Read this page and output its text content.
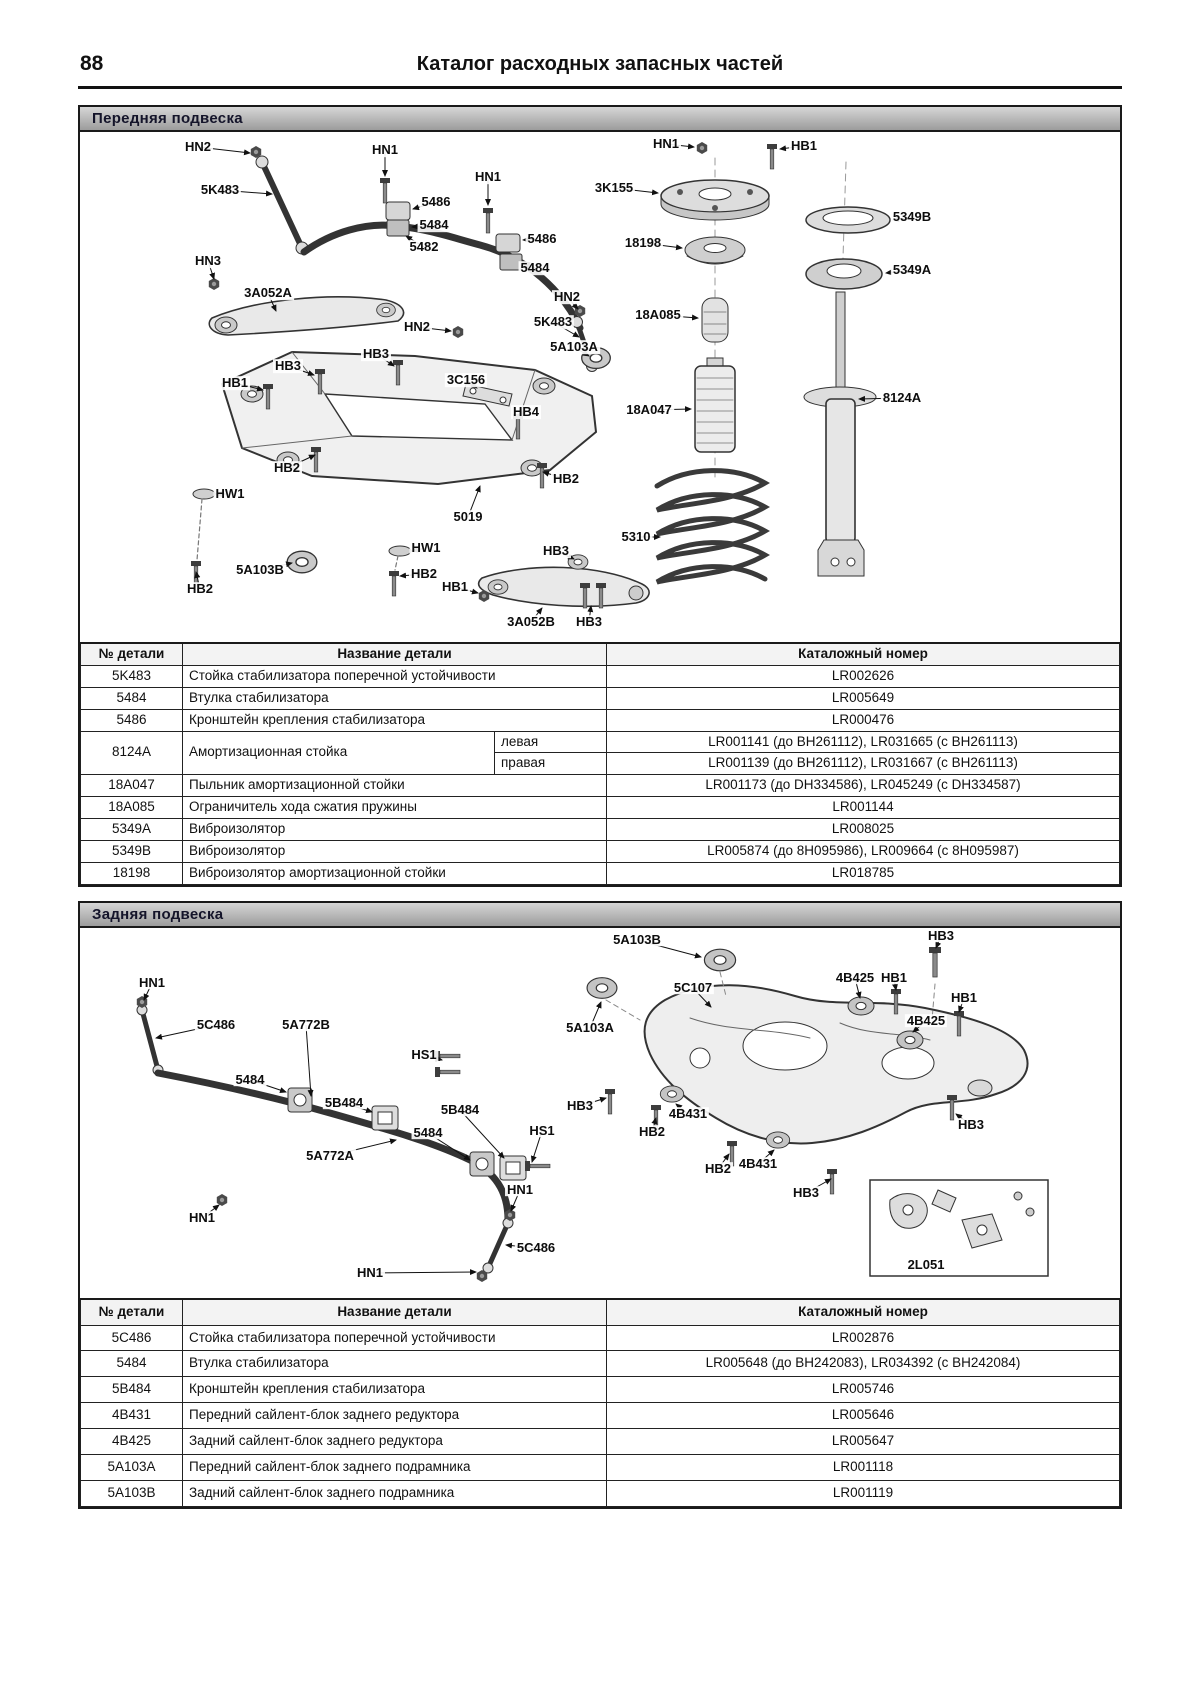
88	Каталог расходных запасных частей
Передняя подвеска
HN2	HN1
HN1
HN1	HB1
3K155
5349B
5K483
5486
5484
5482
5486	18198
5349A
HN3
3A052A
5484
HN2
18A085
HN2	5K483
5A103A
HB3
HB3
3C156
HB1
HB4	18A047
8124A
HB2
HB2
HW1
5019
5310
HW1
5A103B	HB2
HB2	HB1
3A052B
HB3
HB3
№ детали	Название детали		Каталожный номер
5K483	Стойка стабилизатора поперечной устойчивости		LR002626
5484	Втулка стабилизатора		LR005649
5486	Кронштейн крепления стабилизатора		LR000476
8124A	Амортизационная стойка	левая	LR001141 (до BH261112), LR031665 (с BH261113)
		правая	LR001139 (до BH261112), LR031667 (с BH261113)
18A047	Пыльник амортизационной стойки		LR001173 (до DH334586), LR045249 (с DH334587)
18A085	Ограничитель хода сжатия пружины		LR001144
5349A	Виброизолятор		LR008025
5349B	Виброизолятор		LR005874 (до 8H095986), LR009664 (с 8H095987)
18198	Виброизолятор амортизационной стойки		LR018785
Задняя подвеска
5A103B	HB3
5C107
4B425 HB1
HB1
4B425
HN1
5C486	5A772B
HS1
5A103A
5484
5B484	5B484
5484	HS1
HB3
4B431
HB2
HB2 4B431
5A772A
HB3
HN1
HN1	HB3
5C486
HN1
2L051
№ детали	Название детали	Каталожный номер
5C486	Стойка стабилизатора поперечной устойчивости	LR002876
5484	Втулка стабилизатора	LR005648 (до BH242083), LR034392 (с BH242084)
5B484	Кронштейн крепления стабилизатора	LR005746
4B431	Передний сайлент-блок заднего редуктора	LR005646
4B425	Задний сайлент-блок заднего редуктора	LR005647
5A103A	Передний сайлент-блок заднего подрамника	LR001118
5A103B	Задний сайлент-блок заднего подрамника	LR001119
